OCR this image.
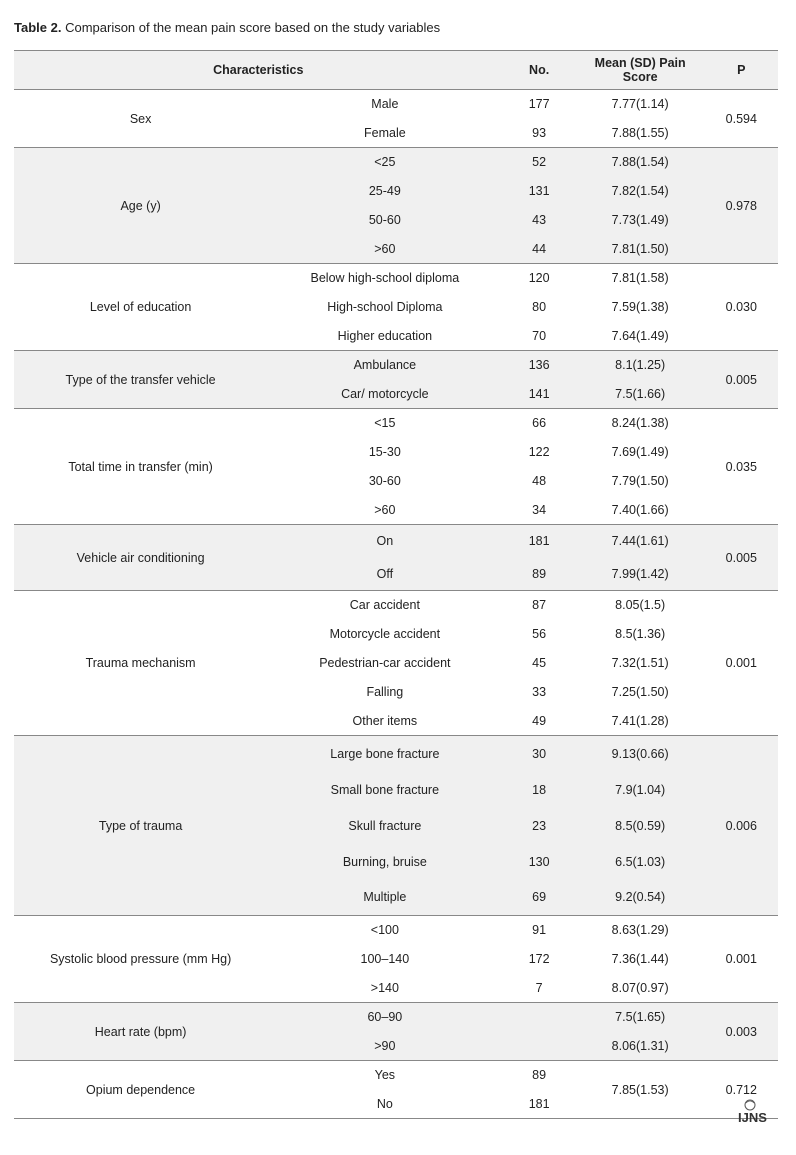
Table 2. Comparison of the mean pain score based on the study variables
Characteristics		No.	Mean (SD) Pain Score	P
Sex	Male	177	7.77(1.14)	0.594
	Female	93	7.88(1.55)	
Age (y)	<25	52	7.88(1.54)	0.978
	25-49	131	7.82(1.54)	
	50-60	43	7.73(1.49)	
	>60	44	7.81(1.50)	
Level of education	Below high-school diploma	120	7.81(1.58)	0.030
	High-school Diploma	80	7.59(1.38)	
	Higher education	70	7.64(1.49)	
Type of the transfer vehicle	Ambulance	136	8.1(1.25)	0.005
	Car/ motorcycle	141	7.5(1.66)	
Total time in transfer (min)	<15	66	8.24(1.38)	0.035
	15-30	122	7.69(1.49)	
	30-60	48	7.79(1.50)	
	>60	34	7.40(1.66)	
Vehicle air conditioning	On	181	7.44(1.61)	0.005
	Off	89	7.99(1.42)	
Trauma mechanism	Car accident	87	8.05(1.5)	0.001
	Motorcycle accident	56	8.5(1.36)	
	Pedestrian-car accident	45	7.32(1.51)	
	Falling	33	7.25(1.50)	
	Other items	49	7.41(1.28)	
Type of trauma	Large bone fracture	30	9.13(0.66)	0.006
	Small bone fracture	18	7.9(1.04)	
	Skull fracture	23	8.5(0.59)	
	Burning, bruise	130	6.5(1.03)	
	Multiple	69	9.2(0.54)	
Systolic blood pressure (mm Hg)	<100	91	8.63(1.29)	0.001
	100–140	172	7.36(1.44)	
	>140	7	8.07(0.97)	
Heart rate (bpm)	60–90		7.5(1.65)	0.003
	>90		8.06(1.31)	
Opium dependence	Yes	89	7.85(1.53)	0.712
	No	181		
IJNS
